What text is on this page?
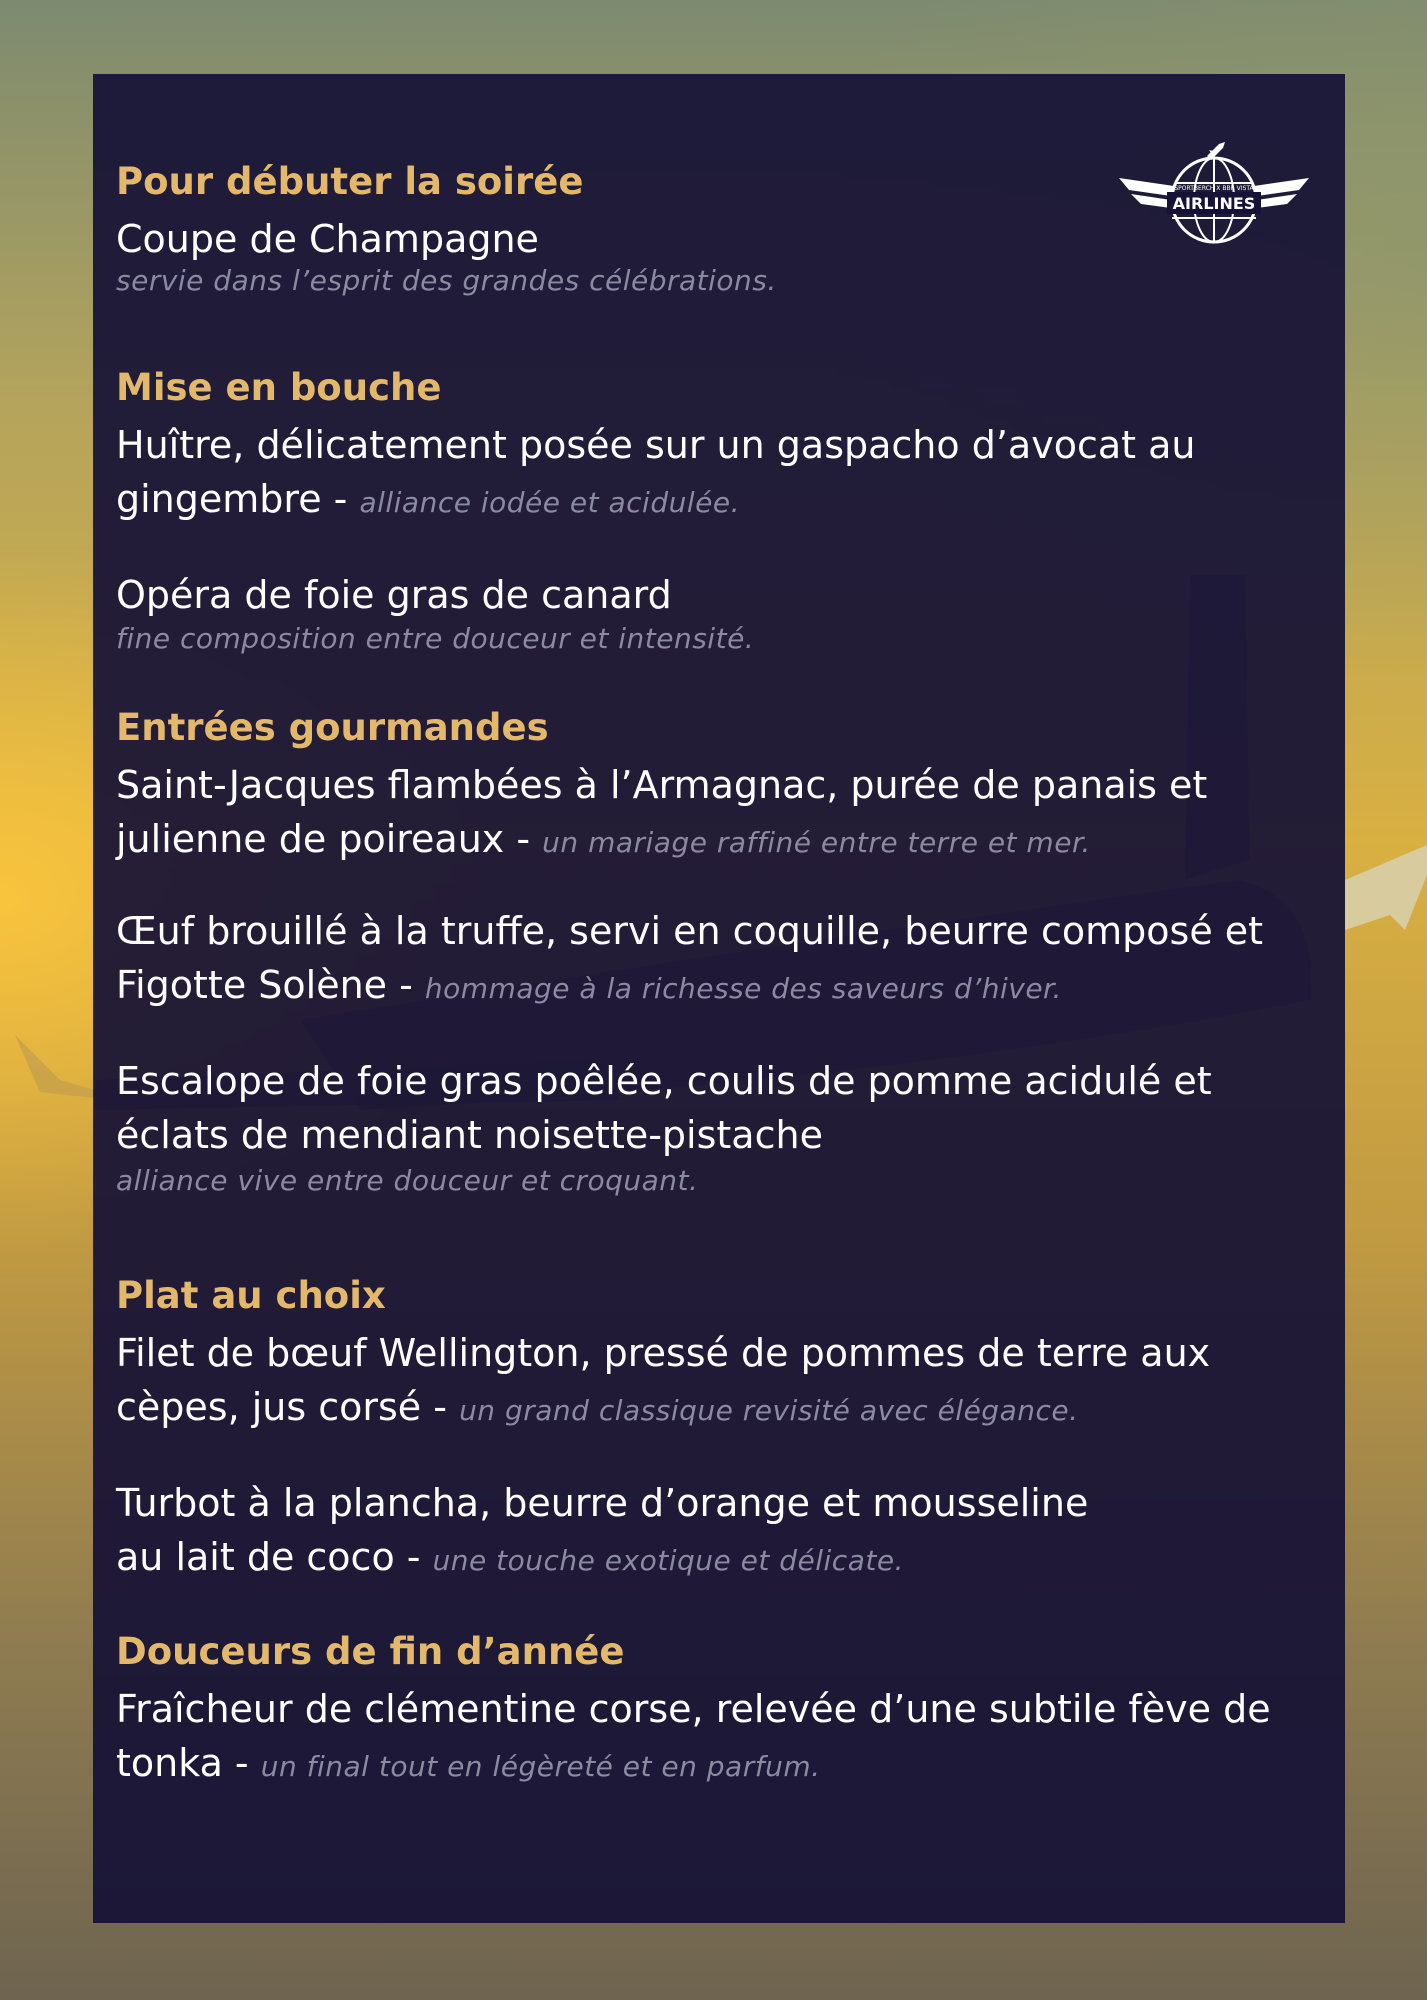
SPORTBERCH X BBR VISTA
AIRLINES

Pour débuter la soirée

Coupe de Champagne

servie dans l’esprit des grandes célébrations.

Mise en bouche

Huître, délicatement posée sur un gaspacho d’avocat au

gingembre - alliance iodée et acidulée.

Opéra de foie gras de canard

fine composition entre douceur et intensité.

Entrées gourmandes

Saint-Jacques flambées à l’Armagnac, purée de panais et

julienne de poireaux - un mariage raffiné entre terre et mer.

Œuf brouillé à la truffe, servi en coquille, beurre composé et

Figotte Solène - hommage à la richesse des saveurs d’hiver.

Escalope de foie gras poêlée, coulis de pomme acidulé et

éclats de mendiant noisette-pistache

alliance vive entre douceur et croquant.

Plat au choix

Filet de bœuf Wellington, pressé de pommes de terre aux

cèpes, jus corsé - un grand classique revisité avec élégance.

Turbot à la plancha, beurre d’orange et mousseline

au lait de coco - une touche exotique et délicate.

Douceurs de fin d’année

Fraîcheur de clémentine corse, relevée d’une subtile fève de

tonka - un final tout en légèreté et en parfum.
